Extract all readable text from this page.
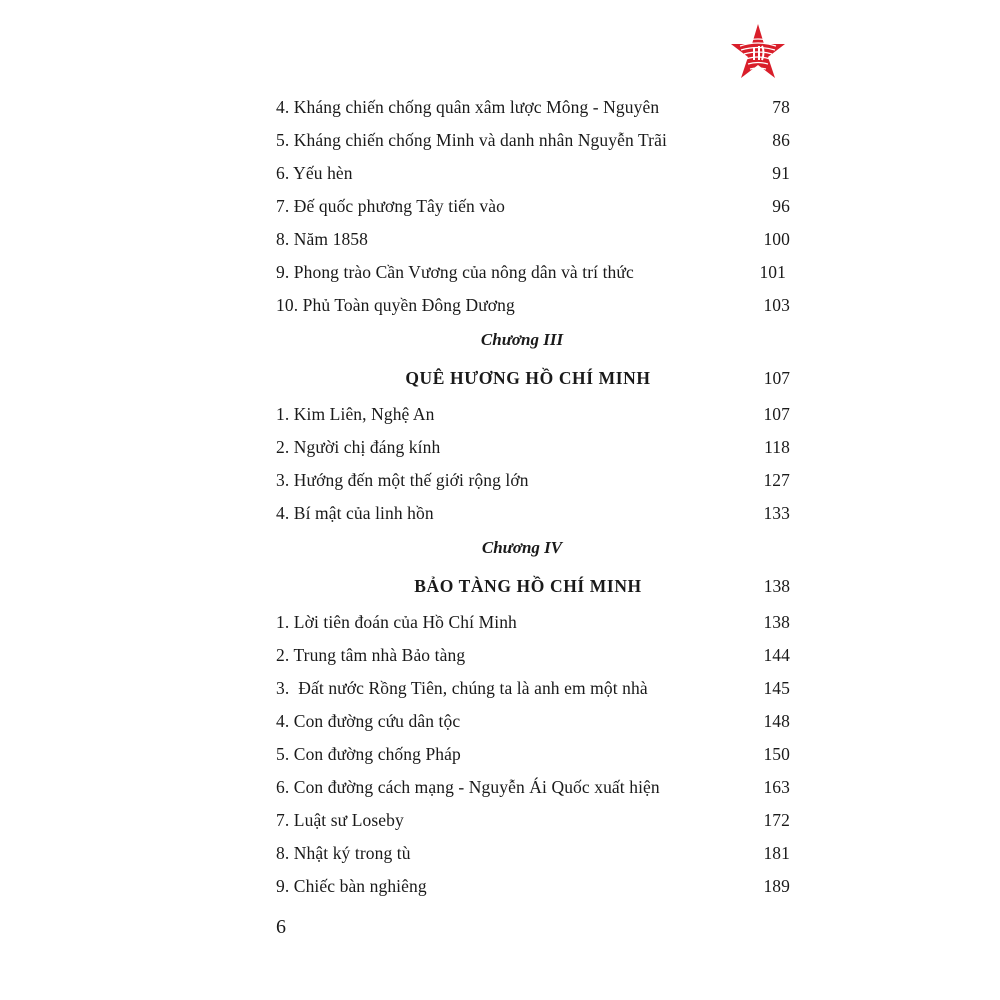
4. Kháng chiến chống quân xâm lược Mông - Nguyên	78
5. Kháng chiến chống Minh và danh nhân Nguyễn Trãi	86
6. Yếu hèn	91
7. Đế quốc phương Tây tiến vào	96
8. Năm 1858	100
9. Phong trào Cần Vương của nông dân và trí thức	101
10. Phủ Toàn quyền Đông Dương	103
Chương III
QUÊ HƯƠNG HỒ CHÍ MINH	107
1. Kim Liên, Nghệ An	107
2. Người chị đáng kính	118
3. Hướng đến một thế giới rộng lớn	127
4. Bí mật của linh hồn	133
Chương IV
BẢO TÀNG HỒ CHÍ MINH	138
1. Lời tiên đoán của Hồ Chí Minh	138
2. Trung tâm nhà Bảo tàng	144
3.  Đất nước Rồng Tiên, chúng ta là anh em một nhà	145
4. Con đường cứu dân tộc	148
5. Con đường chống Pháp	150
6. Con đường cách mạng - Nguyễn Ái Quốc xuất hiện	163
7. Luật sư Loseby	172
8. Nhật ký trong tù	181
9. Chiếc bàn nghiêng	189
6
